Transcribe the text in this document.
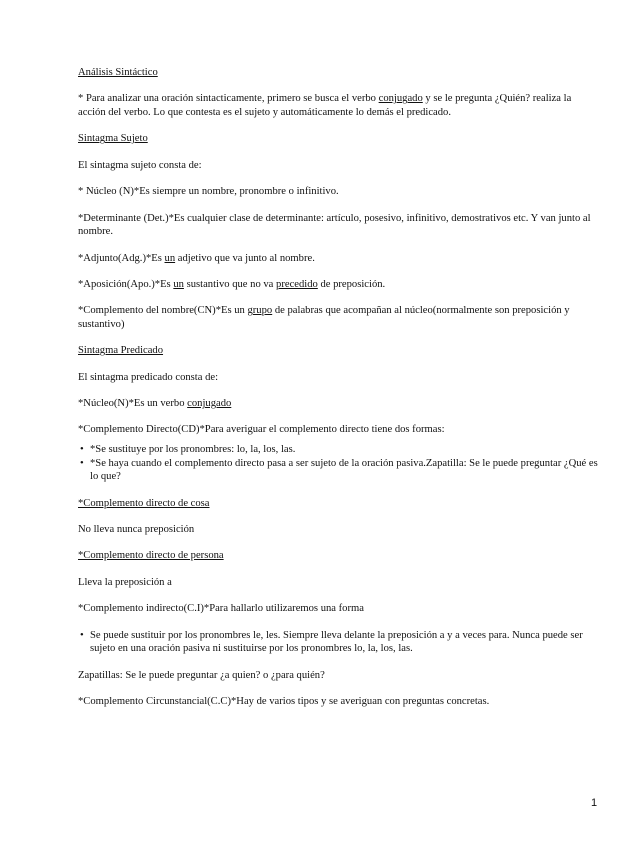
Análisis Sintáctico

* Para analizar una oración sintacticamente, primero se busca el verbo conjugado y se le pregunta ¿Quién? realiza la acción del verbo. Lo que contesta es el sujeto y automáticamente lo demás el predicado.

Sintagma Sujeto

El sintagma sujeto consta de:

* Núcleo (N)*Es siempre un nombre, pronombre o infinitivo.

*Determinante (Det.)*Es cualquier clase de determinante: artículo, posesivo, infinitivo, demostrativos etc. Y van junto al nombre.

*Adjunto(Adg.)*Es un adjetivo que va junto al nombre.

*Aposición(Apo.)*Es un sustantivo que no va precedido de preposición.

*Complemento del nombre(CN)*Es un grupo de palabras que acompañan al núcleo(normalmente son preposición y sustantivo)

Sintagma Predicado

El sintagma predicado consta de:

*Núcleo(N)*Es un verbo conjugado

*Complemento Directo(CD)*Para averiguar el complemento directo tiene dos formas:

• *Se sustituye por los pronombres: lo, la, los, las.
• *Se haya cuando el complemento directo pasa a ser sujeto de la oración pasiva.Zapatilla: Se le puede preguntar ¿Qué es lo que?

*Complemento directo de cosa

No lleva nunca preposición

*Complemento directo de persona

Lleva la preposición a

*Complemento indirecto(C.I)*Para hallarlo utilizaremos una forma

• Se puede sustituir por los pronombres le, les. Siempre lleva delante la preposición a y a veces para. Nunca puede ser sujeto en una oración pasiva ni sustituirse por los pronombres lo, la, los, las.

Zapatillas: Se le puede preguntar ¿a quien? o ¿para quién?

*Complemento Circunstancial(C.C)*Hay de varios tipos y se averiguan con preguntas concretas.

1
